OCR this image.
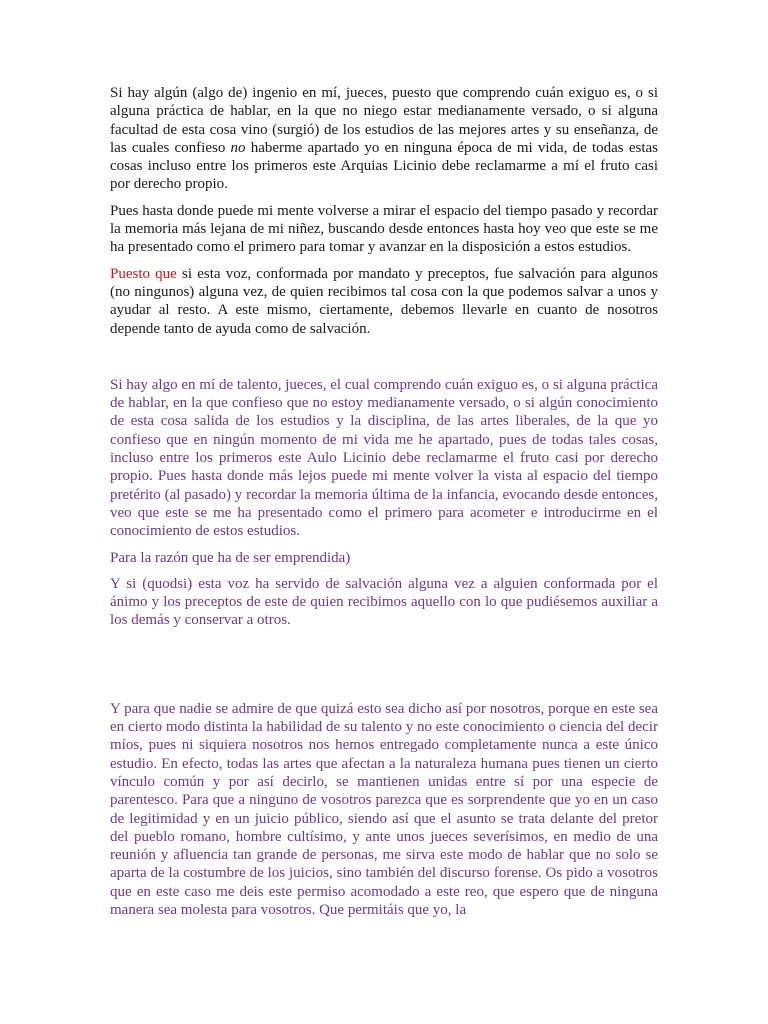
Si hay algún (algo de) ingenio en mí, jueces, puesto que comprendo cuán exiguo es, o si alguna práctica de hablar, en la que no niego estar medianamente versado, o si alguna facultad de esta cosa vino (surgió) de los estudios de las mejores artes y su enseñanza, de las cuales confieso no haberme apartado yo en ninguna época de mi vida, de todas estas cosas incluso entre los primeros este Arquias Licinio debe reclamarme a mí el fruto casi por derecho propio.

Pues hasta donde puede mi mente volverse a mirar el espacio del tiempo pasado y recordar la memoria más lejana de mi niñez, buscando desde entonces hasta hoy veo que este se me ha presentado como el primero para tomar y avanzar en la disposición a estos estudios.

Puesto que si esta voz, conformada por mandato y preceptos, fue salvación para algunos (no ningunos) alguna vez, de quien recibimos tal cosa con la que podemos salvar a unos y ayudar al resto. A este mismo, ciertamente, debemos llevarle en cuanto de nosotros depende tanto de ayuda como de salvación.

Si hay algo en mí de talento, jueces, el cual comprendo cuán exiguo es, o si alguna práctica de hablar, en la que confieso que no estoy medianamente versado, o si algún conocimiento de esta cosa salida de los estudios y la disciplina, de las artes liberales, de la que yo confieso que en ningún momento de mi vida me he apartado, pues de todas tales cosas, incluso entre los primeros este Aulo Licinio debe reclamarme el fruto casi por derecho propio. Pues hasta donde más lejos puede mi mente volver la vista al espacio del tiempo pretérito (al pasado) y recordar la memoria última de la infancia, evocando desde entonces, veo que este se me ha presentado como el primero para acometer e introducirme en el conocimiento de estos estudios.

Para la razón que ha de ser emprendida)

Y si (quodsi) esta voz ha servido de salvación alguna vez a alguien conformada por el ánimo y los preceptos de este de quien recibimos aquello con lo que pudiésemos auxiliar a los demás y conservar a otros.

Y para que nadie se admire de que quizá esto sea dicho así por nosotros, porque en este sea en cierto modo distinta la habilidad de su talento y no este conocimiento o ciencia del decir míos, pues ni siquiera nosotros nos hemos entregado completamente nunca a este único estudio. En efecto, todas las artes que afectan a la naturaleza humana pues tienen un cierto vínculo común y por así decirlo, se mantienen unidas entre sí por una especie de parentesco. Para que a ninguno de vosotros parezca que es sorprendente que yo en un caso de legitimidad y en un juicio público, siendo así que el asunto se trata delante del pretor del pueblo romano, hombre cultísimo, y ante unos jueces severísimos, en medio de una reunión y afluencia tan grande de personas, me sirva este modo de hablar que no solo se aparta de la costumbre de los juicios, sino también del discurso forense. Os pido a vosotros que en este caso me deis este permiso acomodado a este reo, que espero que de ninguna manera sea molesta para vosotros. Que permitáis que yo, la
